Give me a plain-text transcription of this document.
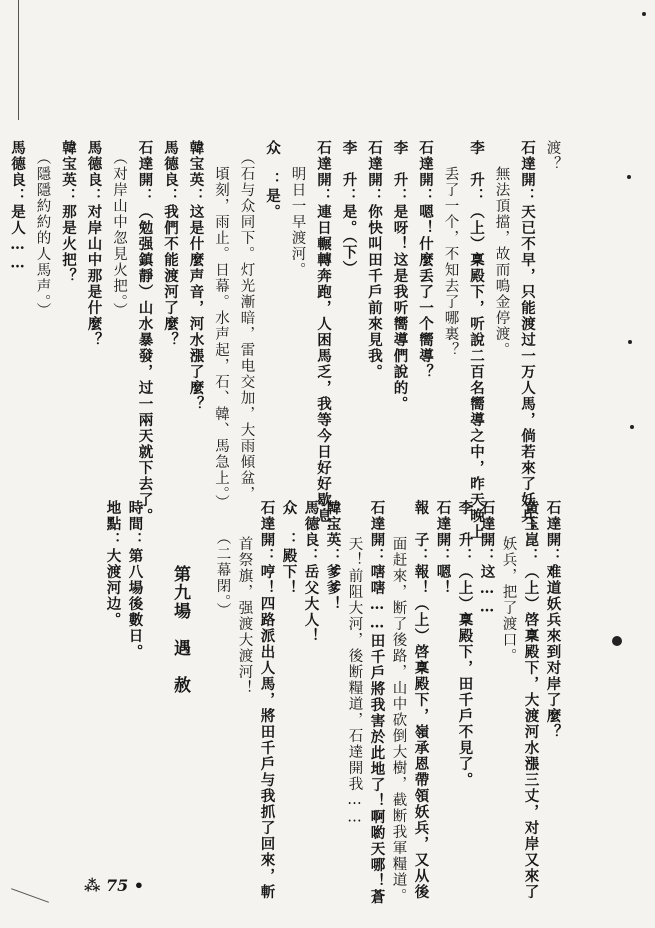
渡？
石達開：天已不早，只能渡过一万人馬，倘若來了妖兵，
　無法頂擋，故而鳴金停渡。
李　升：（上）稟殿下，听說二百名嚮導之中，昨天晚上
　丢了一个，不知去了哪裏？
石達開：嗯！什麼丢了一个嚮導？
李　升：是呀！这是我听嚮導們說的。
石達開：你快叫田千戶前來見我。
李　升：是。（下）
石達開：連日輾轉奔跑，人困馬乏，我等今日好好歇息，
　明日一早渡河。
众　：是。
（石与众同下。灯光漸暗，雷电交加，大雨傾盆，
　頃刻，雨止。日幕。水声起，石、韓、馬急上。）
韓宝英：这是什麼声音，河水漲了麼？
馬德良：我們不能渡河了麼？
石達開：（勉强鎮靜）山水暴發，过一兩天就下去了。
（对岸山中忽見火把。）
馬德良：对岸山中那是什麼？
韓宝英：那是火把？
（隱隱約約的人馬声。）
馬德良：是人……
石達開：难道妖兵來到对岸了麼？
黄玉崑：（上）啓稟殿下，大渡河水漲三丈，对岸又來了
　妖兵，把了渡口。
石達開：这……
李　升：（上）稟殿下，田千戶不見了。
石達開：嗯！
報　子：報！（上）啓稟殿下，嶺承恩帶領妖兵，又从後
　面赶來，断了後路，山中砍倒大樹，截断我軍糧道。
石達開：嗐嗐……田千戶將我害於此地了！啊喲天哪！蒼
　天！前阻大河，後断糧道，石達開我……
韓宝英：爹爹！
馬德良：岳父大人！
众　：殿下！
石達開：哼！四路派出人馬，將田千戶与我抓了回來，斬
　首祭旗，强渡大渡河！
（二幕閉。）
第九場　遇　赦
時間：第八場後數日。
地點：大渡河边。
⁂ 75 •
